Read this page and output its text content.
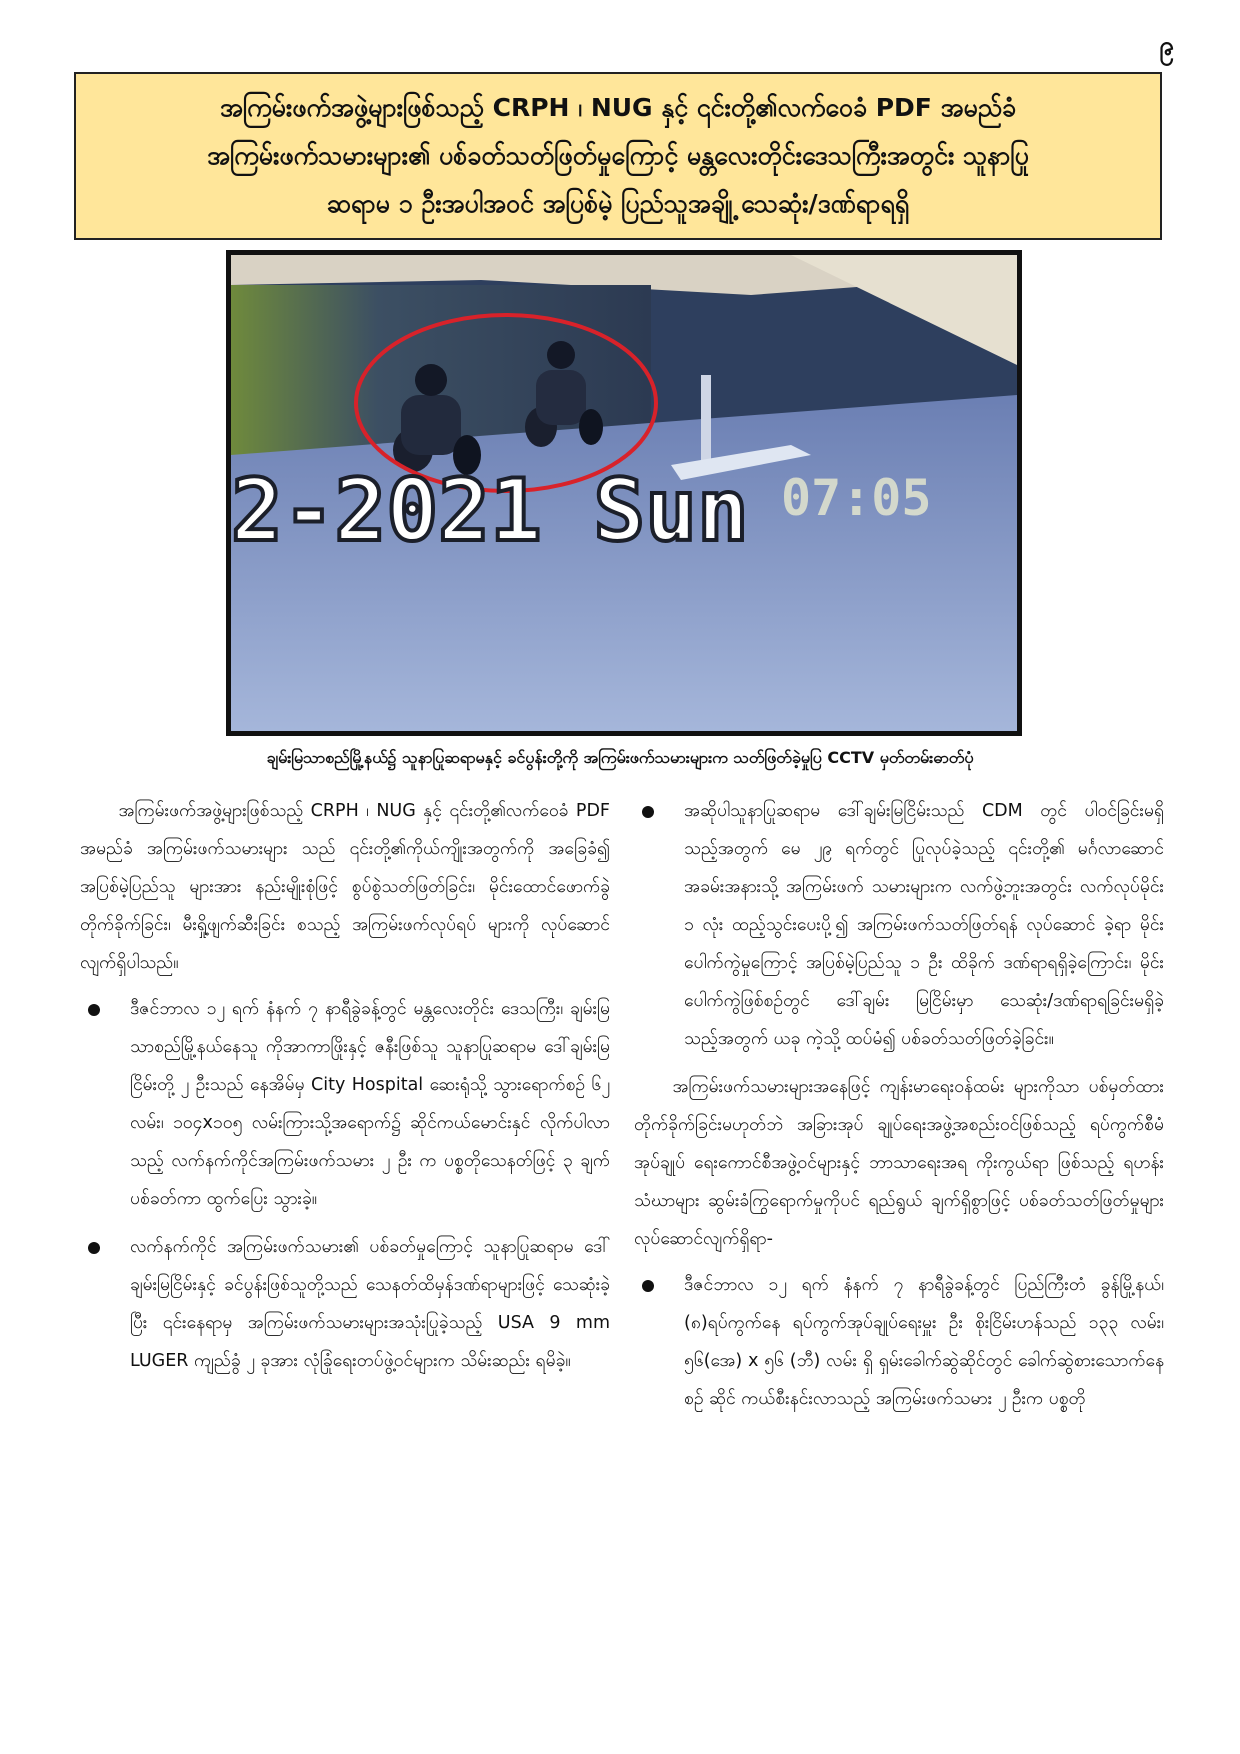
၉
အကြမ်းဖက်အဖွဲ့များဖြစ်သည့် CRPH ၊ NUG နှင့် ၎င်းတို့၏လက်ဝေခံ PDF အမည်ခံ
အကြမ်းဖက်သမားများ၏ ပစ်ခတ်သတ်ဖြတ်မှုကြောင့် မန္တလေးတိုင်းဒေသကြီးအတွင်း သူနာပြု
ဆရာမ ၁ ဦးအပါအဝင် အပြစ်မဲ့ ပြည်သူအချို့ သေဆုံး/ဒဏ်ရာရရှိ
2-2021 Sun 07:05
ချမ်းမြသာစည်မြို့နယ်၌ သူနာပြုဆရာမနှင့် ခင်ပွန်းတို့ကို အကြမ်းဖက်သမားများက သတ်ဖြတ်ခဲ့မှုပြ CCTV မှတ်တမ်းဓာတ်ပုံ

အကြမ်းဖက်အဖွဲ့များဖြစ်သည့် CRPH ၊ NUG နှင့် ၎င်းတို့၏လက်ဝေခံ PDF အမည်ခံ အကြမ်းဖက်သမားများ သည် ၎င်းတို့၏ကိုယ်ကျိုးအတွက်ကို အခြေခံ၍ အပြစ်မဲ့ပြည်သူ များအား နည်းမျိုးစုံဖြင့် စွပ်စွဲသတ်ဖြတ်ခြင်း၊ မိုင်းထောင်ဖောက်ခွဲ တိုက်ခိုက်ခြင်း၊ မီးရှို့ဖျက်ဆီးခြင်း စသည့် အကြမ်းဖက်လုပ်ရပ် များကို လုပ်ဆောင်လျက်ရှိပါသည်။

ဒီဇင်ဘာလ ၁၂ ရက် နံနက် ၇ နာရီခွဲခန့်တွင် မန္တလေးတိုင်း ဒေသကြီး၊ ချမ်းမြသာစည်မြို့နယ်နေသူ ကိုအာကာဖြိုးနှင့် ဇနီးဖြစ်သူ သူနာပြုဆရာမ ဒေါ်ချမ်းမြငြိမ်းတို့ ၂ ဦးသည် နေအိမ်မှ City Hospital ဆေးရုံသို့ သွားရောက်စဉ် ၆၂ လမ်း၊ ၁၀၄x၁၀၅ လမ်းကြားသို့အရောက်၌ ဆိုင်ကယ်မောင်းနှင် လိုက်ပါလာသည့် လက်နက်ကိုင်အကြမ်းဖက်သမား ၂ ဦး က ပစ္စတိုသေနတ်ဖြင့် ၃ ချက် ပစ်ခတ်ကာ ထွက်ပြေး သွားခဲ့။
လက်နက်ကိုင် အကြမ်းဖက်သမား၏ ပစ်ခတ်မှုကြောင့် သူနာပြုဆရာမ ဒေါ်ချမ်းမြငြိမ်းနှင့် ခင်ပွန်းဖြစ်သူတို့သည် သေနတ်ထိမှန်ဒဏ်ရာများဖြင့် သေဆုံးခဲ့ပြီး ၎င်းနေရာမှ အကြမ်းဖက်သမားများအသုံးပြုခဲ့သည့် USA 9 mm LUGER ကျည်ခွံ ၂ ခုအား လုံခြုံရေးတပ်ဖွဲ့ဝင်များက သိမ်းဆည်း ရမိခဲ့။
အဆိုပါသူနာပြုဆရာမ ဒေါ်ချမ်းမြငြိမ်းသည် CDM တွင် ပါဝင်ခြင်းမရှိသည့်အတွက် မေ ၂၉ ရက်တွင် ပြုလုပ်ခဲ့သည့် ၎င်းတို့၏ မင်္ဂလာဆောင်အခမ်းအနားသို့ အကြမ်းဖက် သမားများက လက်ဖွဲ့ဘူးအတွင်း လက်လုပ်မိုင်း ၁ လုံး ထည့်သွင်းပေးပို့၍ အကြမ်းဖက်သတ်ဖြတ်ရန် လုပ်ဆောင် ခဲ့ရာ မိုင်းပေါက်ကွဲမှုကြောင့် အပြစ်မဲ့ပြည်သူ ၁ ဦး ထိခိုက် ဒဏ်ရာရရှိခဲ့ကြောင်း၊ မိုင်းပေါက်ကွဲဖြစ်စဉ်တွင် ဒေါ်ချမ်း မြငြိမ်းမှာ သေဆုံး/ဒဏ်ရာရခြင်းမရှိခဲ့သည့်အတွက် ယခု ကဲ့သို့ ထပ်မံ၍ ပစ်ခတ်သတ်ဖြတ်ခဲ့ခြင်း။

အကြမ်းဖက်သမားများအနေဖြင့် ကျန်းမာရေးဝန်ထမ်း များကိုသာ ပစ်မှတ်ထားတိုက်ခိုက်ခြင်းမဟုတ်ဘဲ အခြားအုပ် ချုပ်ရေးအဖွဲ့အစည်းဝင်ဖြစ်သည့် ရပ်ကွက်စီမံအုပ်ချုပ် ရေးကောင်စီအဖွဲ့ဝင်များနှင့် ဘာသာရေးအရ ကိုးကွယ်ရာ ဖြစ်သည့် ရဟန်းသံဃာများ ဆွမ်းခံကြွရောက်မှုကိုပင် ရည်ရွယ် ချက်ရှိစွာဖြင့် ပစ်ခတ်သတ်ဖြတ်မှုများ လုပ်ဆောင်လျက်ရှိရာ-

ဒီဇင်ဘာလ ၁၂ ရက် နံနက် ၇ နာရီခွဲခန့်တွင် ပြည်ကြီးတံ ခွန်မြို့နယ်၊ (၈)ရပ်ကွက်နေ ရပ်ကွက်အုပ်ချုပ်ရေးမှူး ဦး စိုးငြိမ်းဟန်သည် ၁၃၃ လမ်း၊ ၅၆(အေ) x ၅၆ (ဘီ) လမ်း ရှိ ရှမ်းခေါက်ဆွဲဆိုင်တွင် ခေါက်ဆွဲစားသောက်နေစဉ် ဆိုင် ကယ်စီးနင်းလာသည့် အကြမ်းဖက်သမား ၂ ဦးက ပစ္စတို
